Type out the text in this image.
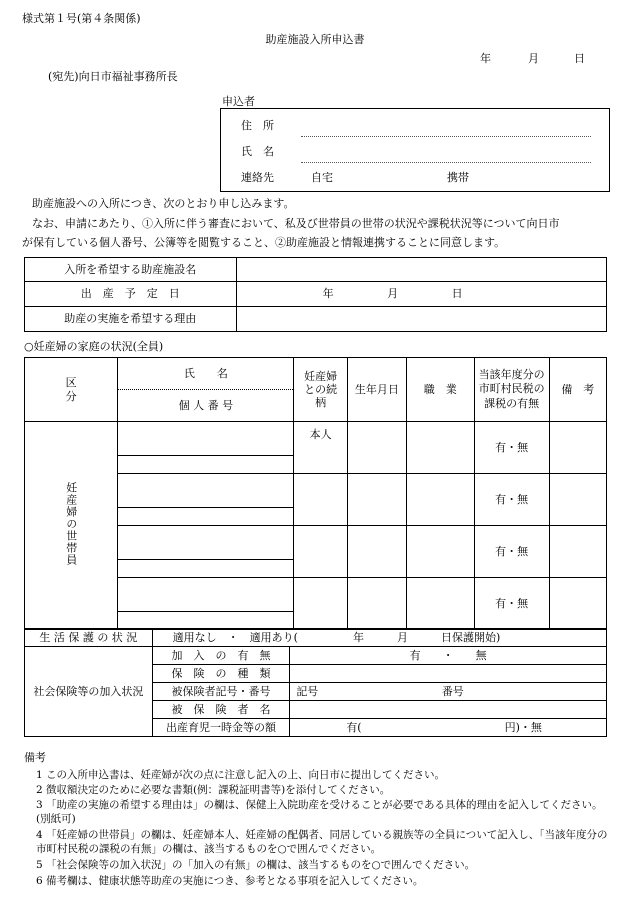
様式第１号(第４条関係)
助産施設入所申込書
年	月	日
(宛先)向日市福祉事務所長
申込者
住　所
氏　名
連絡先	自宅	携帯
助産施設への入所につき、次のとおり申し込みます。
なお、申請にあたり、①入所に伴う審査において、私及び世帯員の世帯の状況や課税状況等について向日市
が保有している個人番号、公簿等を閲覧すること、②助産施設と情報連携することに同意します。
入所を希望する助産施設名	
出　産　予　定　日	年 月 日
助産の実施を希望する理由	
○妊産婦の家庭の状況(全員)
区分	氏　　名	妊産婦との続柄	生年月日	職　業	当該年度分の市町村民税の課税の有無	備　考
	個 人 番 号					
妊産婦の世帯員		本人			有・無	

					有・無	

					有・無	

					有・無	

生 活 保 護 の 状 況	適用なし　・　適用あり(　　　　　年　　　月　　　日保護開始)	
社会保険等の加入状況	加　入　の　有　無	有　　・　　無
	保　険　の　種　類	
	被保険者記号・番号	記号 番号
	被　保　険　者　名	
	出産育児一時金等の額	有(　　　　　　　　　　　　　円)・無
備考
1 この入所申込書は、妊産婦が次の点に注意し記入の上、向日市に提出してください。
2 徴収額決定のために必要な書類(例：課税証明書等)を添付してください。
3 「助産の実施の希望する理由は」の欄は、保健上入院助産を受けることが必要である具体的理由を記入してください。(別紙可)
4 「妊産婦の世帯員」の欄は、妊産婦本人、妊産婦の配偶者、同居している親族等の全員について記入し、「当該年度分の市町村民税の課税の有無」の欄は、該当するものを○で囲んでください。
5 「社会保険等の加入状況」の「加入の有無」の欄は、該当するものを○で囲んでください。
6 備考欄は、健康状態等助産の実施につき、参考となる事項を記入してください。
